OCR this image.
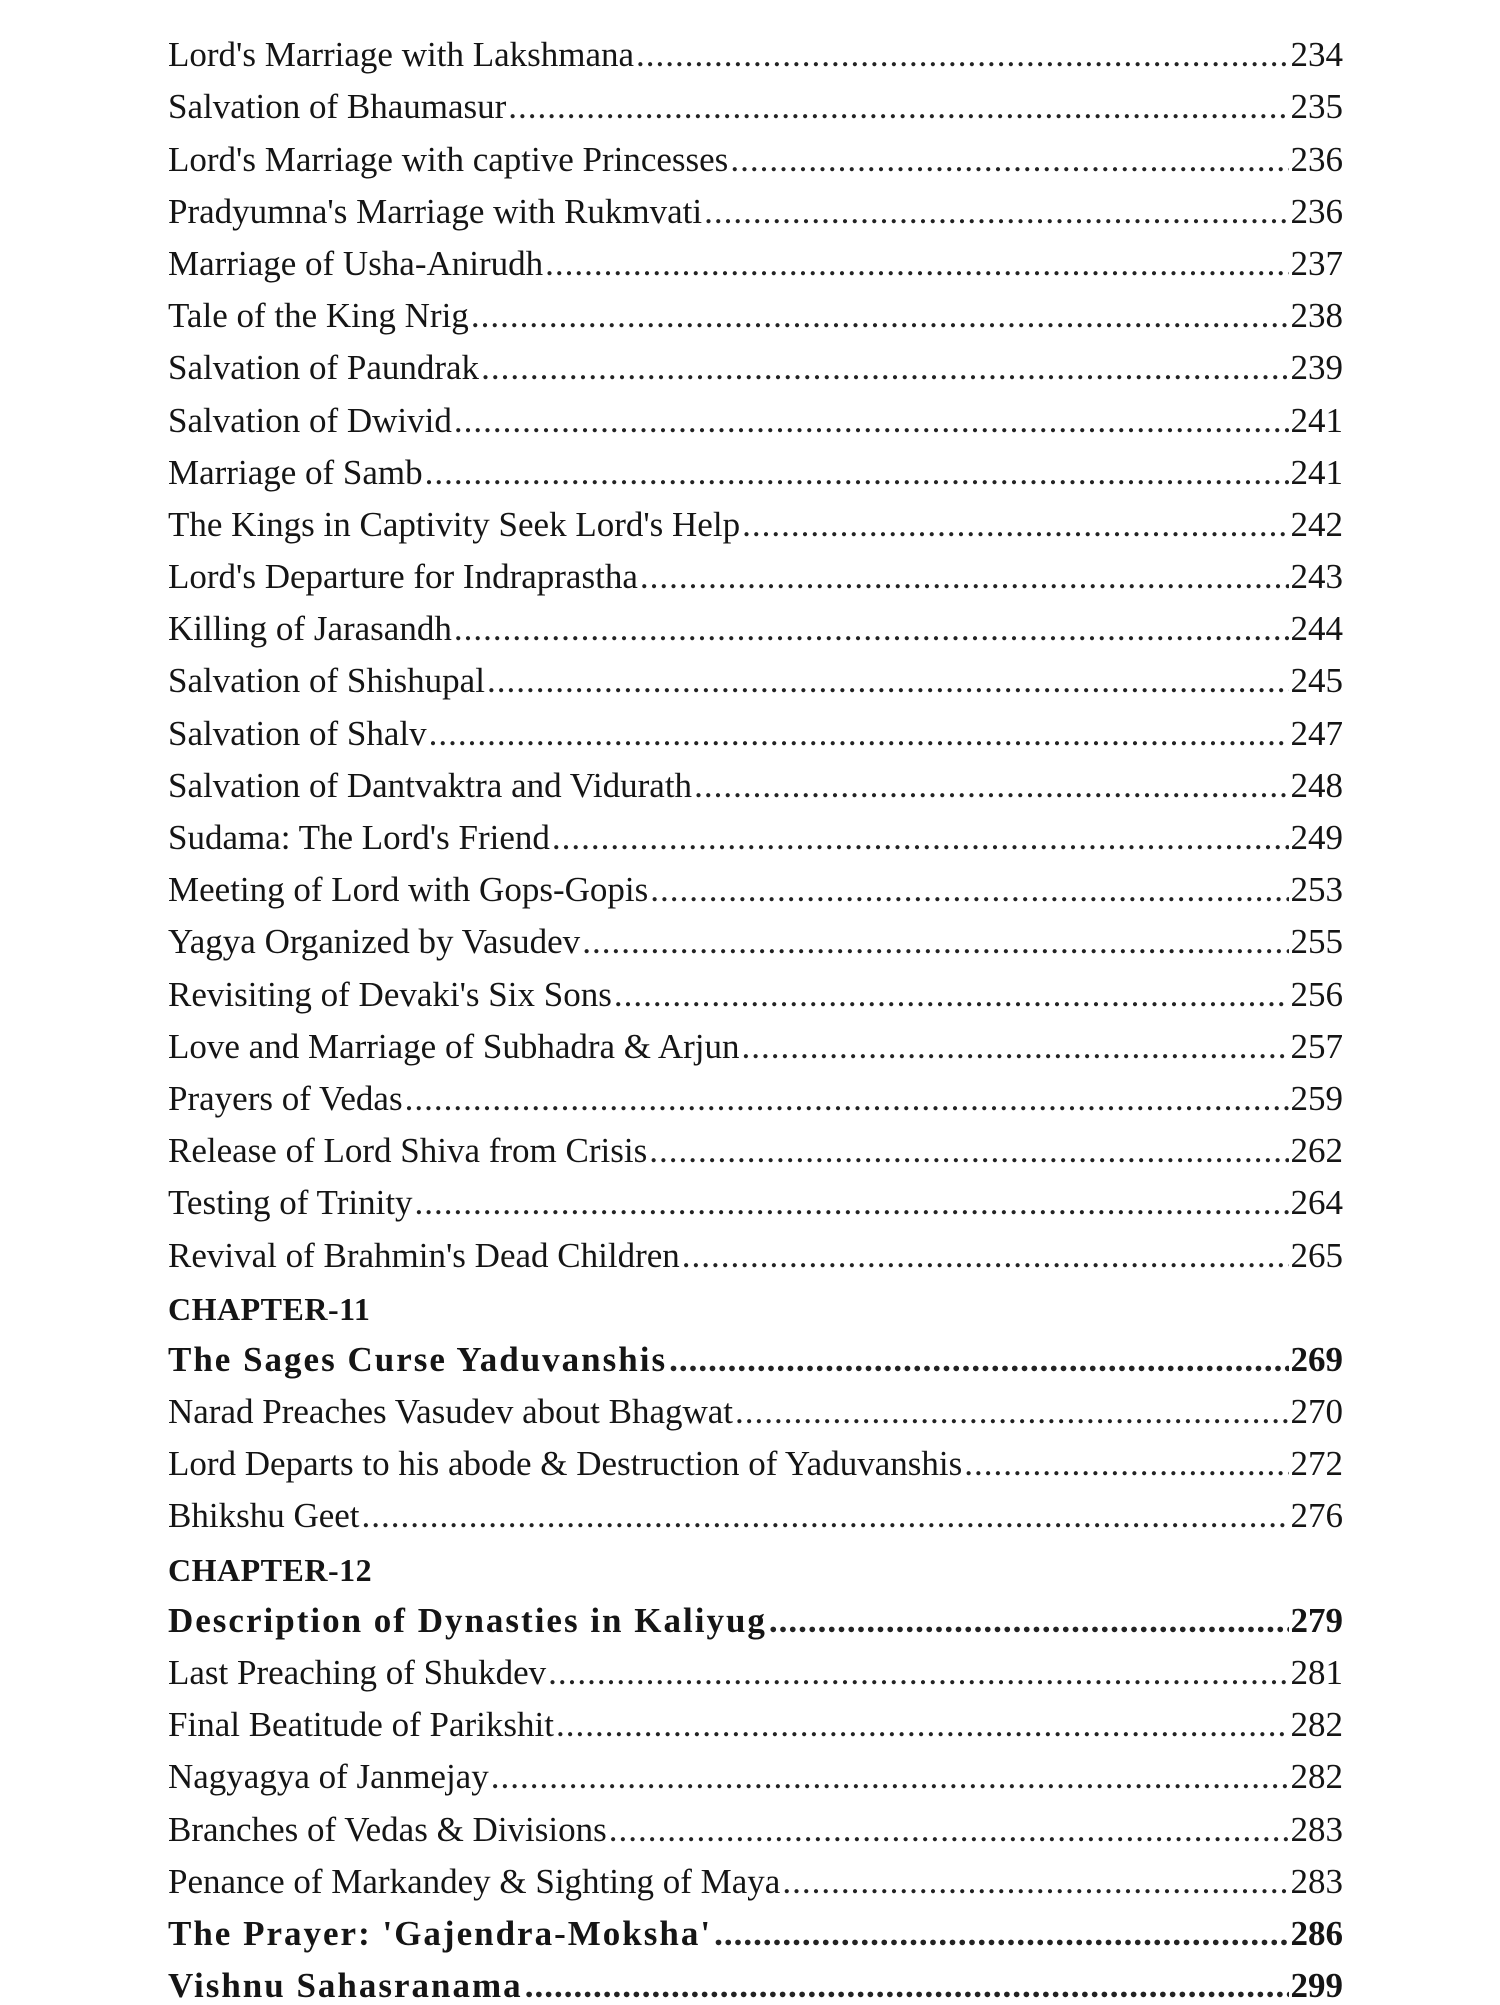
Lord's Marriage with Lakshmana .....	234
Salvation of Bhaumasur .....	235
Lord's Marriage with captive Princesses .....	236
Pradyumna's Marriage with Rukmvati .....	236
Marriage of Usha-Anirudh .....	237
Tale of the King Nrig .....	238
Salvation of Paundrak .....	239
Salvation of Dwivid .....	241
Marriage of Samb .....	241
The Kings in Captivity Seek Lord's Help .....	242
Lord's Departure for Indraprastha .....	243
Killing of Jarasandh .....	244
Salvation of Shishupal .....	245
Salvation of Shalv .....	247
Salvation of Dantvaktra and Vidurath .....	248
Sudama: The Lord's Friend .....	249
Meeting of Lord with Gops-Gopis .....	253
Yagya Organized by Vasudev .....	255
Revisiting of Devaki's Six Sons .....	256
Love and Marriage of Subhadra & Arjun .....	257
Prayers of Vedas .....	259
Release of Lord Shiva from Crisis .....	262
Testing of Trinity .....	264
Revival of Brahmin's Dead Children .....	265
CHAPTER-11
The Sages Curse Yaduvanshis .....	269
Narad Preaches Vasudev about Bhagwat .....	270
Lord Departs to his abode & Destruction of Yaduvanshis .....	272
Bhikshu Geet .....	276
CHAPTER-12
Description of Dynasties in Kaliyug .....	279
Last Preaching of Shukdev .....	281
Final Beatitude of Parikshit .....	282
Nagyagya of Janmejay .....	282
Branches of Vedas & Divisions .....	283
Penance of Markandey & Sighting of Maya .....	283
The Prayer: 'Gajendra-Moksha' .....	286
Vishnu Sahasranama .....	299
